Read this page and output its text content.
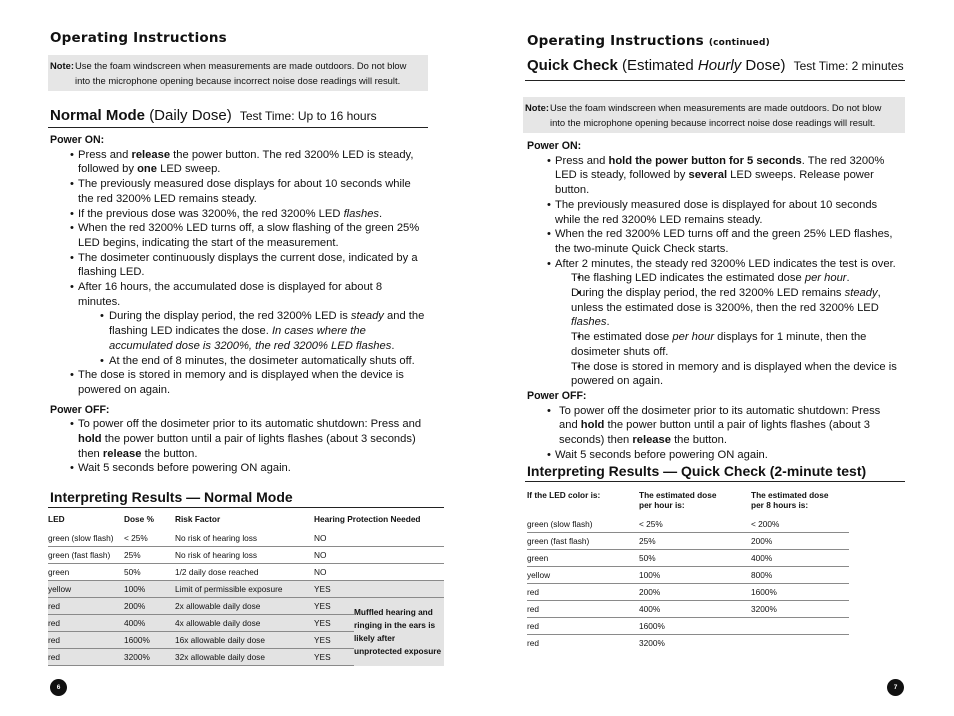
Operating Instructions
Note:Use the foam windscreen when measurements are made outdoors. Do not blow into the microphone opening because incorrect noise dose readings will result.
Normal Mode (Daily Dose) Test Time: Up to 16 hours

Power ON:

• Press and release the power button. The red 3200% LED is steady, followed by one LED sweep.
• The previously measured dose displays for about 10 seconds while the red 3200% LED remains steady.
• If the previous dose was 3200%, the red 3200% LED flashes.
• When the red 3200% LED turns off, a slow flashing of the green 25% LED begins, indicating the start of the measurement.
• The dosimeter continuously displays the current dose, indicated by a flashing LED.
• After 16 hours, the accumulated dose is displayed for about 8 minutes.
• During the display period, the red 3200% LED is steady and the flashing LED indicates the dose. In cases where the accumulated dose is 3200%, the red 3200% LED flashes.
• At the end of 8 minutes, the dosimeter automatically shuts off.
• The dose is stored in memory and is displayed when the device is powered on again.

Power OFF:

• To power off the dosimeter prior to its automatic shutdown: Press and hold the power button until a pair of lights flashes (about 3 seconds) then release the button.
• Wait 5 seconds before powering ON again.
Interpreting Results — Normal Mode
LED	Dose %	Risk Factor	Hearing Protection Needed	
green (slow flash)	< 25%	No risk of hearing loss	NO	
green (fast flash)	25%	No risk of hearing loss	NO	
green	50%	1/2 daily dose reached	NO	
yellow	100%	Limit of permissible exposure	YES	
red	200%	2x allowable daily dose	YES	Muffled hearing and ringing in the ears is likely after unprotected exposure
red	400%	4x allowable daily dose	YES	
red	1600%	16x allowable daily dose	YES	
red	3200%	32x allowable daily dose	YES	
6
Operating Instructions (continued)
Quick Check (Estimated Hourly Dose) Test Time: 2 minutes
Note:Use the foam windscreen when measurements are made outdoors. Do not blow into the microphone opening because incorrect noise dose readings will result.

Power ON:

• Press and hold the power button for 5 seconds. The red 3200% LED is steady, followed by several LED sweeps. Release power button.
• The previously measured dose is displayed for about 10 seconds while the red 3200% LED remains steady.
• When the red 3200% LED turns off and the green 25% LED flashes, the two-minute Quick Check starts.
• After 2 minutes, the steady red 3200% LED indicates the test is over.
• The flashing LED indicates the estimated dose per hour.
• During the display period, the red 3200% LED remains steady, unless the estimated dose is 3200%, then the red 3200% LED flashes.
• The estimated dose per hour displays for 1 minute, then the dosimeter shuts off.
• The dose is stored in memory and is displayed when the device is powered on again.

Power OFF:

• To power off the dosimeter prior to its automatic shutdown: Press and hold the power button until a pair of lights flashes (about 3 seconds) then release the button.
• Wait 5 seconds before powering ON again.
Interpreting Results — Quick Check (2-minute test)
If the LED color is:	The estimated dose per hour is:	The estimated dose per 8 hours is:
green (slow flash)	< 25%	< 200%
green (fast flash)	25%	200%
green	50%	400%
yellow	100%	800%
red	200%	1600%
red	400%	3200%
red	1600%	
red	3200%	
7
